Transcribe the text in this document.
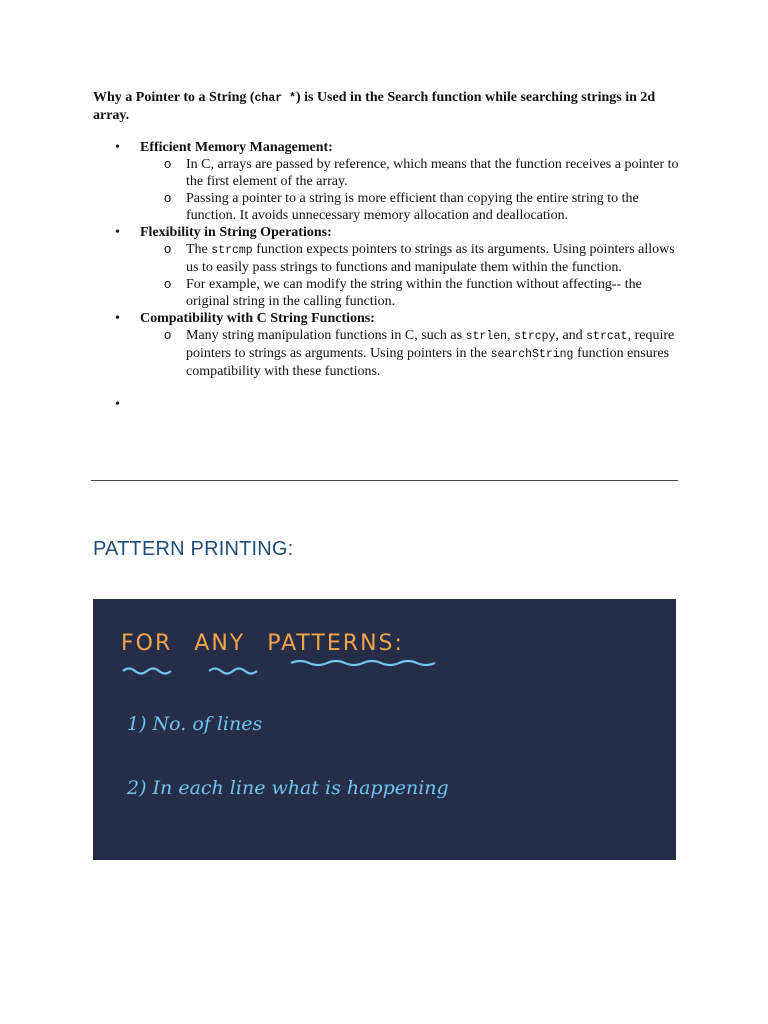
Why a Pointer to a String (char *) is Used in the Search function while searching strings in 2d array.
• Efficient Memory Management:
o In C, arrays are passed by reference, which means that the function receives a pointer to the first element of the array.
o Passing a pointer to a string is more efficient than copying the entire string to the function. It avoids unnecessary memory allocation and deallocation.
• Flexibility in String Operations:
o The strcmp function expects pointers to strings as its arguments. Using pointers allows us to easily pass strings to functions and manipulate them within the function.
o For example, we can modify the string within the function without affecting-- the original string in the calling function.
• Compatibility with C String Functions:
o Many string manipulation functions in C, such as strlen, strcpy, and strcat, require pointers to strings as arguments. Using pointers in the searchString function ensures compatibility with these functions.
•
PATTERN PRINTING:
FOR ANY PATTERNS:

1) No. of lines

2) In each line what is happening
